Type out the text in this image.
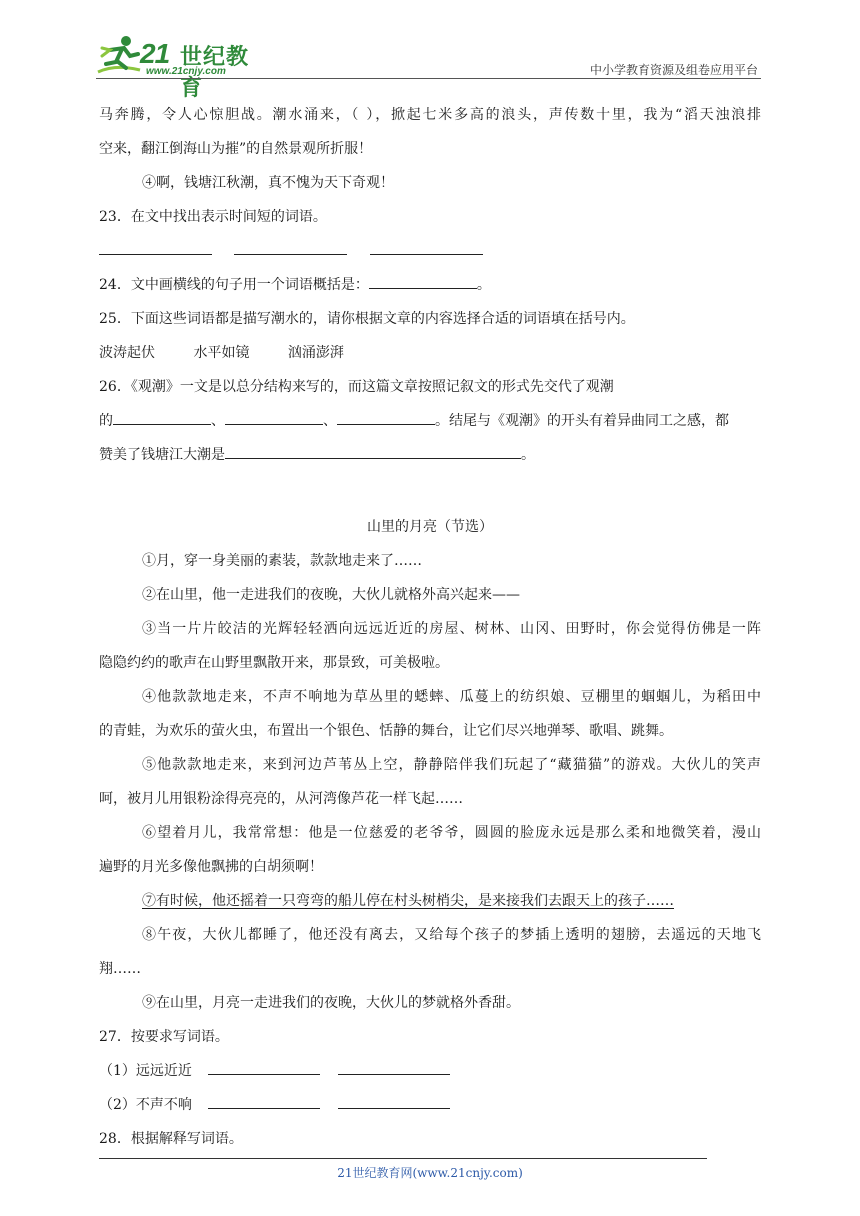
21 世纪教育
www.21cnjy.com	中小学教育资源及组卷应用平台
马奔腾，令人心惊胆战。潮水涌来，（ ），掀起七米多高的浪头，声传数十里，我为“滔天浊浪排
空来，翻江倒海山为摧”的自然景观所折服！
④啊，钱塘江秋潮，真不愧为天下奇观！
23．在文中找出表示时间短的词语。

24．文中画横线的句子用一个词语概括是：	。
25．下面这些词语都是描写潮水的，请你根据文章的内容选择合适的词语填在括号内。
波涛起伏	水平如镜	汹涌澎湃
26．《观潮》一文是以总分结构来写的，而这篇文章按照记叙文的形式先交代了观潮
的	、	、	。结尾与《观潮》的开头有着异曲同工之感，都
赞美了钱塘江大潮是	。
山里的月亮（节选）
①月，穿一身美丽的素装，款款地走来了……
②在山里，他一走进我们的夜晚，大伙儿就格外高兴起来——
③当一片片皎洁的光辉轻轻洒向远远近近的房屋、树林、山冈、田野时，你会觉得仿佛是一阵
隐隐约约的歌声在山野里飘散开来，那景致，可美极啦。
④他款款地走来，不声不响地为草丛里的蟋蟀、瓜蔓上的纺织娘、豆棚里的蝈蝈儿，为稻田中
的青蛙，为欢乐的萤火虫，布置出一个银色、恬静的舞台，让它们尽兴地弹琴、歌唱、跳舞。
⑤他款款地走来，来到河边芦苇丛上空，静静陪伴我们玩起了“藏猫猫”的游戏。大伙儿的笑声
呵，被月儿用银粉涂得亮亮的，从河湾像芦花一样飞起……
⑥望着月儿，我常常想：他是一位慈爱的老爷爷，圆圆的脸庞永远是那么柔和地微笑着，漫山
遍野的月光多像他飘拂的白胡须啊！
⑦有时候，他还摇着一只弯弯的船儿停在村头树梢尖，是来接我们去跟天上的孩子……
⑧午夜，大伙儿都睡了，他还没有离去，又给每个孩子的梦插上透明的翅膀，去遥远的天地飞
翔……
⑨在山里，月亮一走进我们的夜晚，大伙儿的梦就格外香甜。
27．按要求写词语。
（1）远远近近
（2）不声不响
28．根据解释写词语。
21世纪教育网(www.21cnjy.com)
